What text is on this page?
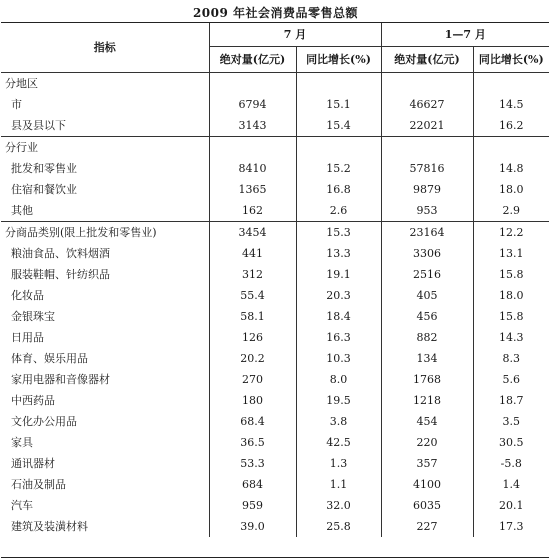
2009 年社会消费品零售总额
指标	7 月		1—7 月	
	绝对量(亿元)	同比增长(%)	绝对量(亿元)	同比增长(%)
分地区				
市	6794	15.1	46627	14.5
县及县以下	3143	15.4	22021	16.2
分行业				
批发和零售业	8410	15.2	57816	14.8
住宿和餐饮业	1365	16.8	9879	18.0
其他	162	2.6	953	2.9
分商品类别(限上批发和零售业)	3454	15.3	23164	12.2
粮油食品、饮料烟酒	441	13.3	3306	13.1
服装鞋帽、针纺织品	312	19.1	2516	15.8
化妆品	55.4	20.3	405	18.0
金银珠宝	58.1	18.4	456	15.8
日用品	126	16.3	882	14.3
体育、娱乐用品	20.2	10.3	134	8.3
家用电器和音像器材	270	8.0	1768	5.6
中西药品	180	19.5	1218	18.7
文化办公用品	68.4	3.8	454	3.5
家具	36.5	42.5	220	30.5
通讯器材	53.3	1.3	357	-5.8
石油及制品	684	1.1	4100	1.4
汽车	959	32.0	6035	20.1
建筑及装潢材料	39.0	25.8	227	17.3
